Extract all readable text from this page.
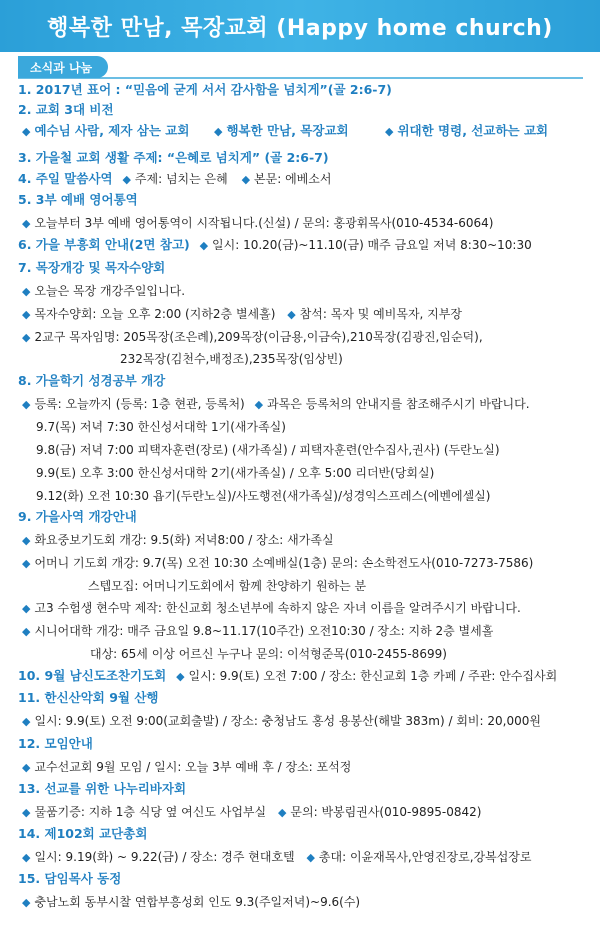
행복한 만남, 목장교회 (Happy home church)
소식과 나눔
1. 2017년 표어 : “믿음에 굳게 서서 감사함을 넘치게”(골 2:6-7)
2. 교회 3대 비전
◆ 예수님 사람, 제자 삼는 교회 ◆ 행복한 만남, 목장교회	◆ 위대한 명령, 선교하는 교회
3. 가을철 교회 생활 주제: “은혜로 넘치게” (골 2:6-7)
4. 주일 말씀사역 ◆ 주제: 넘치는 은혜 ◆ 본문: 에베소서
5. 3부 예배 영어통역
◆ 오늘부터 3부 예배 영어통역이 시작됩니다.(신설) / 문의: 홍광휘목사(010-4534-6064)
6. 가을 부흥회 안내(2면 참고) ◆ 일시: 10.20(금)~11.10(금) 매주 금요일 저녁 8:30~10:30
7. 목장개강 및 목자수양회
◆ 오늘은 목장 개강주일입니다.
◆ 목자수양회: 오늘 오후 2:00 (지하2층 별세홀) ◆ 참석: 목자 및 예비목자, 지부장
◆ 2교구 목자임명: 205목장(조은례),209목장(이금용,이금숙),210목장(김광진,임순덕),
232목장(김천수,배정조),235목장(임상빈)
8. 가을학기 성경공부 개강
◆ 등록: 오늘까지 (등록: 1층 현관, 등록처) ◆ 과목은 등록처의 안내지를 참조해주시기 바랍니다.
9.7(목) 저녁 7:30 한신성서대학 1기(새가족실)
9.8(금) 저녁 7:00 피택자훈련(장로) (새가족실) / 피택자훈련(안수집사,권사) (두란노실)
9.9(토) 오후 3:00 한신성서대학 2기(새가족실) / 오후 5:00 리더반(당회실)
9.12(화) 오전 10:30 욥기(두란노실)/사도행전(새가족실)/성경익스프레스(에벤에셀실)
9. 가을사역 개강안내
◆ 화요중보기도회 개강: 9.5(화) 저녁8:00 / 장소: 새가족실
◆ 어머니 기도회 개강: 9.7(목) 오전 10:30 소예배실(1층) 문의: 손소학전도사(010-7273-7586)
스텝모집: 어머니기도회에서 함께 찬양하기 원하는 분
◆ 고3 수험생 현수막 제작: 한신교회 청소년부에 속하지 않은 자녀 이름을 알려주시기 바랍니다.
◆ 시니어대학 개강: 매주 금요일 9.8~11.17(10주간) 오전10:30 / 장소: 지하 2층 별세홀
대상: 65세 이상 어르신 누구나 문의: 이석형준목(010-2455-8699)
10. 9월 남신도조찬기도회 ◆ 일시: 9.9(토) 오전 7:00 / 장소: 한신교회 1층 카페 / 주관: 안수집사회
11. 한신산악회 9월 산행
◆ 일시: 9.9(토) 오전 9:00(교회출발) / 장소: 충청남도 홍성 용봉산(해발 383m) / 회비: 20,000원
12. 모임안내
◆ 교수선교회 9월 모임 / 일시: 오늘 3부 예배 후 / 장소: 포석정
13. 선교를 위한 나누리바자회
◆ 물품기증: 지하 1층 식당 옆 여신도 사업부실 ◆ 문의: 박봉림권사(010-9895-0842)
14. 제102회 교단총회
◆ 일시: 9.19(화) ~ 9.22(금) / 장소: 경주 현대호텔 ◆ 총대: 이윤재목사,안영진장로,강복섭장로
15. 담임목사 동정
◆ 충남노회 동부시찰 연합부흥성회 인도 9.3(주일저녁)~9.6(수)
